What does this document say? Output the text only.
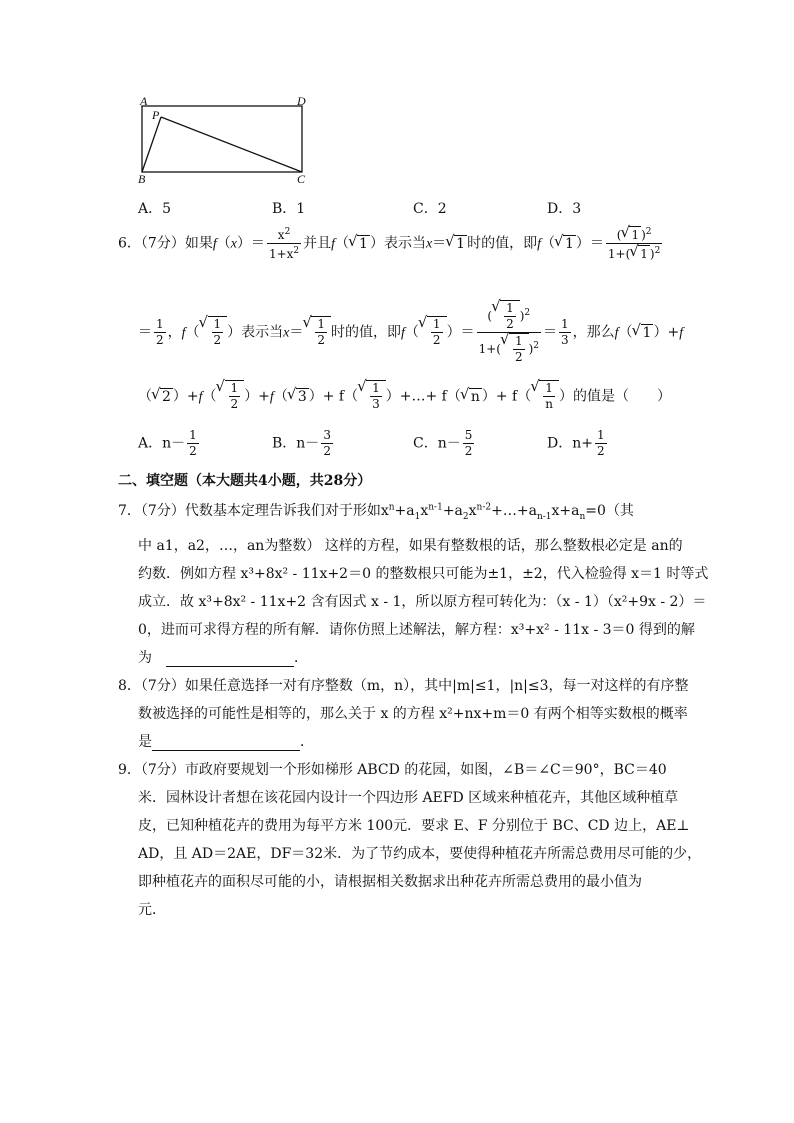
A	D
P
B	C
A．5	B．1	C．2	D．3
6．（7分）如果$f(x)= \frac{x^2}{1+x^2}$ 并且f（√ 1 ）表示当x＝√ 1 时的值，即f（√ 1 ）＝ $\frac{(√ 1 )^2}{1+(√ 1 )^2}$
＝ $\frac{1}{2}$ ，f（
√ $\frac{1}{2}$ ）表示当x＝
√ $\frac{1}{2}$ 时的值，即f（
√ $\frac{1}{2}$ ）＝ (
√ $\frac{1}{2} )^2$
1+(
√ $\frac{1}{2} )^2 = \frac{1}{3}$ ，那么f（√ 1 ）+f
（√ 2 ）+f（
√ $\frac{1}{2} )+f(√$ 3 ）+ f（
√ $\frac{1}{3}$ ）+…+ f（√ n ）+ f（
√ $\frac{1}{n}$ ）的值是（　　）
A．$n- \frac{1}{2}$	B．$n- \frac{3}{2}$	C．$n- \frac{5}{2}$	D．$n+ \frac{1}{2}$
二、填空题（本大题共4小题，共28分）
7．（7分）代数基本定理告诉我们对于形如$x^n+a_1x^{n-1}+a_2x^{n-2}+\dots+a_{n-1}x+a_n=0$（其
中 a1，a2，…，an为整数） 这样的方程，如果有整数根的话，那么整数根必定是 an的
约数．例如方程 x³+8x² - 11x+2＝0 的整数根只可能为±1，±2，代入检验得 x＝1 时等式
成立．故 x³+8x² - 11x+2 含有因式 x - 1，所以原方程可转化为：（x - 1）（x²+9x - 2）＝
0，进而可求得方程的所有解．请你仿照上述解法，解方程：x³+x² - 11x - 3＝0 得到的解
为　	．
8．（7分）如果任意选择一对有序整数（m，n），其中|m|≤1，|n|≤3，每一对这样的有序整
数被选择的可能性是相等的，那么关于 x 的方程 x²+nx+m＝0 有两个相等实数根的概率
是	．
9．（7分）市政府要规划一个形如梯形 ABCD 的花园，如图，∠B＝∠C＝90°，BC＝40
米．园林设计者想在该花园内设计一个四边形 AEFD 区域来种植花卉，其他区域种植草
皮，已知种植花卉的费用为每平方米 100元．要求 E、F 分别位于 BC、CD 边上，AE⊥
AD，且 AD＝2AE，DF＝32米．为了节约成本，要使得种植花卉所需总费用尽可能的少，
即种植花卉的面积尽可能的小，请根据相关数据求出种花卉所需总费用的最小值为
元．
